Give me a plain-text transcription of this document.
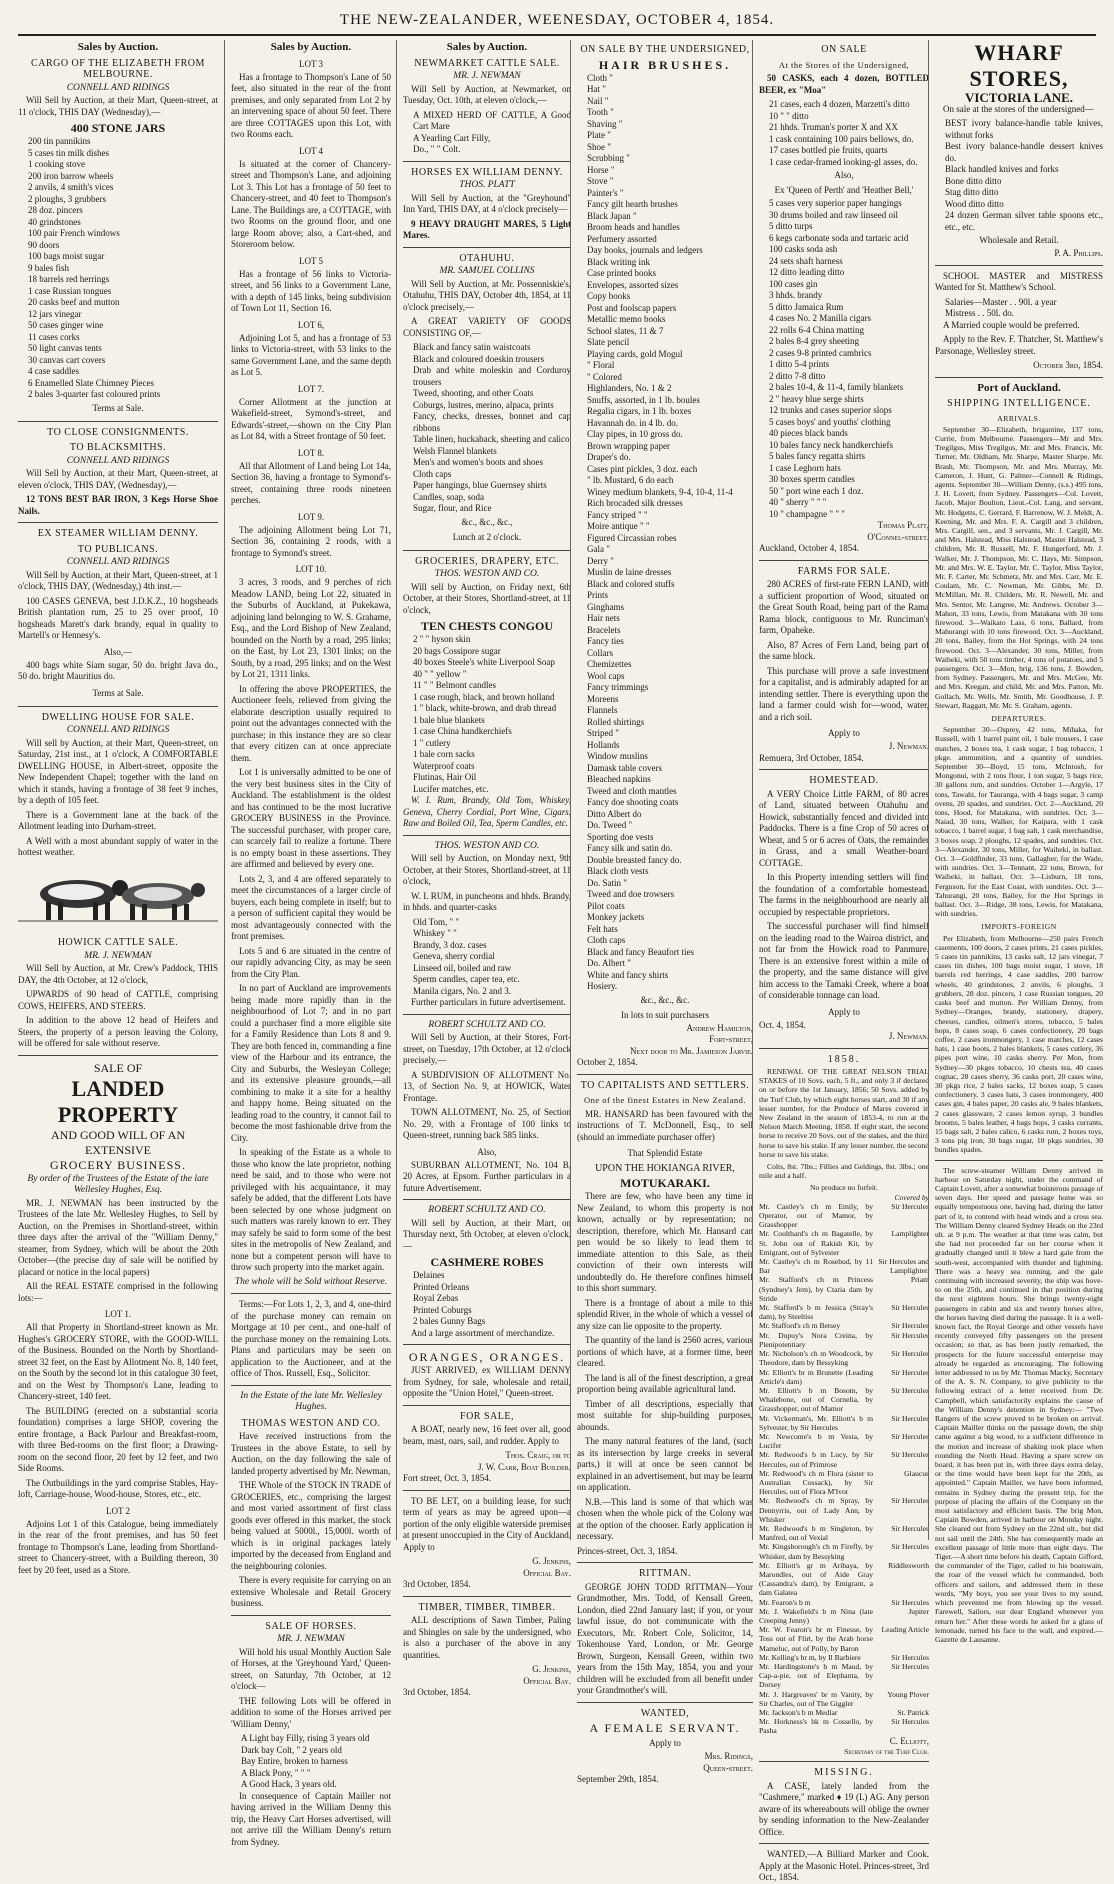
THE NEW-ZEALANDER, WEENESDAY, OCTOBER 4, 1854.
Sales by Auction.
CARGO OF THE ELIZABETH FROM MELBOURNE.
CONNELL AND RIDINGS

Will Sell by Auction, at their Mart, Queen-street, at 11 o'clock, THIS DAY (Wednesday),—

400 STONE JARS
200 tin pannikins
5 cases tin milk dishes
1 cooking stove
200 iron barrow wheels
2 anvils, 4 smith's vices
2 ploughs, 3 grubbers
28 doz. pincers
40 grindstones
100 pair French windows
90 doors
100 bags moist sugar
9 bales fish
18 barrels red herrings
1 case Russian tongues
20 casks beef and mutton
12 jars vinegar
50 cases ginger wine
11 cases corks
50 light canvas tents
30 canvas cart covers
4 case saddles
6 Enamelled Slate Chimney Pieces
2 bales 3-quarter fast coloured prints
Terms at Sale.
TO CLOSE CONSIGNMENTS.
TO BLACKSMITHS.
CONNELL AND RIDINGS

Will Sell by Auction, at their Mart, Queen-street, at eleven o'clock, THIS DAY, (Wednesday),—

12 TONS BEST BAR IRON, 3 Kegs Horse Shoe Nails.

EX STEAMER WILLIAM DENNY.
TO PUBLICANS.
CONNELL AND RIDINGS

Will Sell by Auction, at their Mart, Queen-street, at 1 o'clock, THIS DAY, (Wednesday,) 4th inst.—

100 CASES GENEVA, best J.D.K.Z., 10 hogsheads British plantation rum, 25 to 25 over proof, 10 hogsheads Marett's dark brandy, equal in quality to Martell's or Hennesy's.

Also,—

400 bags white Siam sugar, 50 do. bright Java do., 50 do. bright Mauritius do.

Terms at Sale.
DWELLING HOUSE FOR SALE.
CONNELL AND RIDINGS

Will sell by Auction, at their Mart, Queen-street, on Saturday, 21st inst., at 1 o'clock, A COMFORTABLE DWELLING HOUSE, in Albert-street, opposite the New Independent Chapel; together with the land on which it stands, having a frontage of 38 feet 9 inches, by a depth of 105 feet.

There is a Government lane at the back of the Allotment leading into Durham-street.

A Well with a most abundant supply of water in the hottest weather.

HOWICK CATTLE SALE.
MR. J. NEWMAN

Will Sell by Auction, at Mr. Crew's Paddock, THIS DAY, the 4th October, at 12 o'clock,

UPWARDS of 90 head of CATTLE, comprising COWS, HEIFERS, AND STEERS.

In addition to the above 12 head of Heifers and Steers, the property of a person leaving the Colony, will be offered for sale without reserve.

SALE OF
LANDED PROPERTY
AND GOOD WILL OF AN EXTENSIVE
GROCERY BUSINESS.
By order of the Trustees of the Estate of the late Wellesley Hughes, Esq.

MR. J. NEWMAN has been instructed by the Trustees of the late Mr. Wellesley Hughes, to Sell by Auction, on the Premises in Shortland-street, within three days after the arrival of the "William Denny," steamer, from Sydney, which will be about the 20th October—(the precise day of sale will be notified by placard or notice in the local papers)

All the REAL ESTATE comprised in the following lots:—

LOT 1.

All that Property in Shortland-street known as Mr. Hughes's GROCERY STORE, with the GOOD-WILL of the Business. Bounded on the North by Shortland-street 32 feet, on the East by Allotment No. 8, 140 feet, on the South by the second lot in this catalogue 30 feet, and on the West by Thompson's Lane, leading to Chancery-street, 140 feet.

The BUILDING (erected on a substantial scoria foundation) comprises a large SHOP, covering the entire frontage, a Back Parlour and Breakfast-room, with three Bed-rooms on the first floor; a Drawing-room on the second floor, 20 feet by 12 feet, and two Side Rooms.

The Outbuildings in the yard comprise Stables, Hay-loft, Carriage-house, Wood-house, Stores, etc., etc.

LOT 2

Adjoins Lot 1 of this Catalogue, being immediately in the rear of the front premises, and has 50 feet frontage to Thompson's Lane, leading from Shortland-street to Chancery-street, with a Building thereon, 30 feet by 20 feet, used as a Store.

Sales by Auction.
LOT 3

Has a frontage to Thompson's Lane of 50 feet, also situated in the rear of the front premises, and only separated from Lot 2 by an intervening space of about 50 feet. There are three COTTAGES upon this Lot, with two Rooms each.

LOT 4

Is situated at the corner of Chancery-street and Thompson's Lane, and adjoining Lot 3. This Lot has a frontage of 50 feet to Chancery-street, and 40 feet to Thompson's Lane. The Buildings are, a COTTAGE, with two Rooms on the ground floor, and one large Room above; also, a Cart-shed, and Storeroom below.

LOT 5

Has a frontage of 56 links to Victoria-street, and 56 links to a Government Lane, with a depth of 145 links, being subdivision of Town Lot 11, Section 16.

LOT 6,

Adjoining Lot 5, and has a frontage of 53 links to Victoria-street, with 53 links to the same Government Lane, and the same depth as Lot 5.

LOT 7.

Corner Allotment at the junction at Wakefield-street, Symond's-street, and Edwards'-street,—shown on the City Plan as Lot 84, with a Street frontage of 50 feet.

LOT 8.

All that Allotment of Land being Lot 14a, Section 36, having a frontage to Symond's-street, containing three roods nineteen perches.

LOT 9.

The adjoining Allotment being Lot 71, Section 36, containing 2 roods, with a frontage to Symond's street.

LOT 10.

3 acres, 3 roods, and 9 perches of rich Meadow LAND, being Lot 22, situated in the Suburbs of Auckland, at Pukekawa, adjoining land belonging to W. S. Grahame, Esq., and the Lord Bishop of New Zealand, bounded on the North by a road, 295 links; on the East, by Lot 23, 1301 links; on the South, by a road, 295 links; and on the West by Lot 21, 1311 links.

In offering the above PROPERTIES, the Auctioneer feels, relieved from giving the elaborate description usually required to point out the advantages connected with the purchase; in this instance they are so clear that every citizen can at once appreciate them.

Lot 1 is universally admitted to be one of the very best business sites in the City of Auckland. The establishment is the oldest and has continued to be the most lucrative GROCERY BUSINESS in the Province. The successful purchaser, with proper care, can scarcely fail to realize a fortune. There is no empty boast in these assertions. They are affirmed and believed by every one.

Lots 2, 3, and 4 are offered separately to meet the circumstances of a larger circle of buyers, each being complete in itself; but to a person of sufficient capital they would be most advantageously connected with the front premises.

Lots 5 and 6 are situated in the centre of our rapidly advancing City, as may be seen from the City Plan.

In no part of Auckland are improvements being made more rapidly than in the neighbourhood of Lot 7; and in no part could a purchaser find a more eligible site for a Family Residence than Lots 8 and 9. They are both fenced in, commanding a fine view of the Harbour and its entrance, the City and Suburbs, the Wesleyan College; and its extensive pleasure grounds,—all combining to make it a site for a healthy and happy home. Being situated on the leading road to the country, it cannot fail to become the most fashionable drive from the City.

In speaking of the Estate as a whole to those who know the late proprietor, nothing need be said, and to those who were not privileged with his acquaintance, it may safely be added, that the different Lots have been selected by one whose judgment on such matters was rarely known to err. They may safely be said to form some of the best sites in the metropolis of New Zealand, and none but a competent person will have to throw such property into the market again.

The whole will be Sold without Reserve.

Terms:—For Lots 1, 2, 3, and 4, one-third of the purchase money can remain on Mortgage at 10 per cent., and one-half of the purchase money on the remaining Lots. Plans and particulars may be seen on application to the Auctioneer, and at the office of Thos. Russell, Esq., Solicitor.

In the Estate of the late Mr. Wellesley Hughes.
THOMAS WESTON AND CO.

Have received instructions from the Trustees in the above Estate, to sell by Auction, on the day following the sale of landed property advertised by Mr. Newman,

THE Whole of the STOCK IN TRADE of GROCERIES, etc., comprising the largest and most varied assortment of first class goods ever offered in this market, the stock being valued at 5000l., 15,000l. worth of which is in original packages lately imported by the deceased from England and the neighbouring colonies.

There is every requisite for carrying on an extensive Wholesale and Retail Grocery business.

SALE OF HORSES.
MR. J. NEWMAN

Will hold his usual Monthly Auction Sale of Horses, at the 'Greyhound Yard,' Queen-street, on Saturday, 7th October, at 12 o'clock—

THE following Lots will be offered in addition to some of the Horses arrived per 'William Denny,'

A Light bay Filly, rising 3 years old
Dark bay Colt, " 2 years old
Bay Entire, broken to harness
A Black Pony, " " "
A Good Hack, 3 years old.

In consequence of Captain Mailler not having arrived in the William Denny this trip, the Heavy Cart Horses advertised, will not arrive till the William Denny's return from Sydney.

Sales by Auction.
NEWMARKET CATTLE SALE.
MR. J. NEWMAN

Will Sell by Auction, at Newmarket, on Tuesday, Oct. 10th, at eleven o'clock,—

A MIXED HERD OF CATTLE, A Good Cart Mare
A Yearling Cart Filly,
Do., " " Colt.
HORSES EX WILLIAM DENNY.
THOS. PLATT

Will Sell by Auction, at the "Greyhound" Inn Yard, THIS DAY, at 4 o'clock precisely—

9 HEAVY DRAUGHT MARES, 5 Light Mares.

OTAHUHU.
MR. SAMUEL COLLINS

Will Sell by Auction, at Mr. Possenniskie's, Otahuhu, THIS DAY, October 4th, 1854, at 11 o'clock precisely,—

A GREAT VARIETY OF GOODS CONSISTING OF,—

Black and fancy satin waistcoats
Black and coloured doeskin trousers
Drab and white moleskin and Corduroy trousers
Tweed, shooting, and other Coats
Coburgs, lustres, merino, alpaca, prints
Fancy, checks, dresses, bonnet and cap ribbons
Table linen, huckaback, sheeting and calico
Welsh Flannel blankets
Men's and women's boots and shoes
Cloth caps
Paper hangings, blue Guernsey shirts
Candles, soap, soda
Sugar, flour, and Rice
&c., &c., &c.,
Lunch at 2 o'clock.
GROCERIES, DRAPERY, ETC.
THOS. WESTON AND CO.

Will sell by Auction, on Friday next, 6th October, at their Stores, Shortland-street, at 11 o'clock,

TEN CHESTS CONGOU
2 " " hyson skin
20 bags Cossipore sugar
40 boxes Steele's white Liverpool Soap
40 " " yellow "
11 " " Belmont candles
1 case rough, black, and brown holland
1 " black, white-brown, and drab thread
1 bale blue blankets
1 case China handkerchiefs
1 " cutlery
1 bale corn sacks
Waterproof coats
Flutinas, Hair Oil
Lucifer matches, etc.

W. I. Rum, Brandy, Old Tom, Whiskey, Geneva, Cherry Cordial, Port Wine, Cigars, Raw and Boiled Oil, Tea, Sperm Candles, etc.

THOS. WESTON AND CO.

Will sell by Auction, on Monday next, 9th October, at their Stores, Shortland-street, at 11 o'clock,

W. I. RUM, in puncheons and hhds. Brandy, in hhds. and quarter-casks

Old Tom, " "
Whiskey " "
Brandy, 3 doz. cases
Geneva, sherry cordial
Linseed oil, boiled and raw
Sperm candles, caper tea, etc.
Manila cigars, No. 2 and 3.

Further particulars in future advertisement.

ROBERT SCHULTZ AND CO.

Will Sell by Auction, at their Stores, Fort-street, on Tuesday, 17th October, at 12 o'clock precisely,—

A SUBDIVISION OF ALLOTMENT No. 13, of Section No. 9, at HOWICK, Water Frontage.

TOWN ALLOTMENT, No. 25, of Section No. 29, with a Frontage of 100 links to Queen-street, running back 585 links.

Also,

SUBURBAN ALLOTMENT, No. 104 B, 20 Acres, at Epsom. Further particulars in a future Advertisement.

ROBERT SCHULTZ AND CO.

Will sell by Auction, at their Mart, on Thursday next, 5th October, at eleven o'clock,—

CASHMERE ROBES
Delaines
Printed Orleans
Royal Zebas
Printed Coburgs
2 bales Gunny Bags

And a large assortment of merchandize.

ORANGES, ORANGES.

JUST ARRIVED, ex WILLIAM DENNY from Sydney, for sale, wholesale and retail, opposite the "Union Hotel," Queen-street.

FOR SALE,

A BOAT, nearly new, 16 feet over all, good beam, mast, oars, sail, and rudder. Apply to

Thos. Craig, or to
J. W. Carr, Boat Builder.
Fort street, Oct. 3, 1854.

TO BE LET, on a building lease, for such term of years as may be agreed upon—a portion of the only eligible waterside premises at present unoccupied in the City of Auckland. Apply to

G. Jenkins,
Official Bay.
3rd October, 1854.
TIMBER, TIMBER, TIMBER.

ALL descriptions of Sawn Timber, Paling and Shingles on sale by the undersigned, who is also a purchaser of the above in any quantities.

G. Jenkins,
Official Bay.
3rd October, 1854.
ON SALE BY THE UNDERSIGNED,
HAIR BRUSHES.
Cloth "
Hat "
Nail "
Tooth "
Shaving "
Plate "
Shoe "
Scrubbing "
Horse "
Stove "
Painter's "
Fancy gilt hearth brushes
Black Japan "
Broom heads and handles
Perfumery assorted
Day books, journals and ledgers
Black writing ink
Case printed books
Envelopes, assorted sizes
Copy books
Post and foolscap papers
Metallic memo books
School slates, 11 & 7
Slate pencil
Playing cards, gold Mogul
" Floral
" Colored
Highlanders, No. 1 & 2
Snuffs, assorted, in 1 lb. boules
Regalia cigars, in 1 lb. boxes
Havannah do. in 4 lb. do.
Clay pipes, in 10 gross do.
Brown wrapping paper
Draper's do.
Cases pint pickles, 3 doz. each
" lb. Mustard, 6 do each
Winey medium blankets, 9-4, 10-4, 11-4
Rich brocaded silk dresses
Fancy striped " "
Moire antique " "
Figured Circassian robes
Gala "
Derry "
Muslin de laine dresses
Black and colored stuffs
Prints
Ginghams
Hair nets
Bracelets
Fancy ties
Collars
Chemizettes
Wool caps
Fancy trimmings
Moreens
Flannels
Rolled shirtings
Striped "
Hollands
Window muslins
Damask table covers
Bleached napkins
Tweed and cloth mantles
Fancy doe shooting coats
Ditto Albert do
Do. Tweed "
Sporting doe vests
Fancy silk and satin do.
Double breasted fancy do.
Black cloth vests
Do. Satin "
Tweed and doe trowsers
Pilot coats
Monkey jackets
Felt hats
Cloth caps
Black and fancy Beaufort ties
Do. Albert "
White and fancy shirts
Hosiery.
&c., &c., &c.
In lots to suit purchasers
Andrew Hamilton,
Fort-street,
Next door to Mr. Jamieson Jarvie.
October 2, 1854.
TO CAPITALISTS AND SETTLERS.
One of the finest Estates in New Zealand.

MR. HANSARD has been favoured with the instructions of T. McDonnell, Esq., to sell (should an immediate purchaser offer)

That Splendid Estate
UPON THE HOKIANGA RIVER,
MOTUKARAKI.

There are few, who have been any time in New Zealand, to whom this property is not known, actually or by representation; no description, therefore, which Mr. Hansard can pen would be so likely to lead them to immediate attention to this Sale, as their conviction of their own interests will undoubtedly do. He therefore confines himself to this short summary.

There is a frontage of about a mile to this splendid River, in the whole of which a vessel of any size can lie opposite to the property.

The quantity of the land is 2560 acres, various portions of which have, at a former time, been cleared.

The land is all of the finest description, a great proportion being available agricultural land.

Timber of all descriptions, especially that most suitable for ship-building purposes, abounds.

The many natural features of the land, (such as its intersection by large creeks in several parts,) it will at once be seen cannot be explained in an advertisement, but may be learnt on application.

N.B.—This land is some of that which was chosen when the whole pick of the Colony was at the option of the chooser. Early application is necessary.

Princes-street, Oct. 3, 1854.
RITTMAN.

GEORGE JOHN TODD RITTMAN—Your Grandmother, Mrs. Todd, of Kensall Green, London, died 22nd January last; if you, or your lawful issue, do not communicate with the Executors, Mr. Robert Cole, Solicitor, 14, Tokenhouse Yard, London, or Mr. George Brown, Surgeon, Kensall Green, within two years from the 15th May, 1854, you and your children will be excluded from all benefit under your Grandmother's will.

WANTED,
A FEMALE SERVANT.
Apply to
Mrs. Ridings,
Queen-street.
September 29th, 1854.
ON SALE
At the Stores of the Undersigned,

50 CASKS, each 4 dozen, BOTTLED BEER, ex "Moa"

21 cases, each 4 dozen, Marzetti's ditto
10 " " ditto
21 hhds. Truman's porter X and XX
1 cask containing 100 pairs bellows, do.
17 cases bottled pie fruits, quarts
1 case cedar-framed looking-gl asses, do.
Also,
Ex 'Queen of Perth' and 'Heather Bell,'
5 cases very superior paper hangings
30 drums boiled and raw linseed oil
5 ditto turps
6 kegs carbonate soda and tartaric acid
100 casks soda ash
24 sets shaft harness
12 ditto leading ditto
100 cases gin
3 hhds. brandy
5 ditto Jamaica Rum
4 cases No. 2 Manilla cigars
22 rolls 6-4 China matting
2 bales 8-4 grey sheeting
2 cases 9-8 printed cambrics
1 ditto 5-4 prints
2 ditto 7-8 ditto
2 bales 10-4, & 11-4, family blankets
2 " heavy blue serge shirts
12 trunks and cases superior slops
5 cases boys' and youths' clothing
40 pieces black bands
10 bales fancy neck handkerchiefs
5 bales fancy regatta shirts
1 case Leghorn hats
30 boxes sperm candles
50 " port wine each 1 doz.
40 " sherry " " "
10 " champagne " " "
Thomas Platt,
O'Connel-street.
Auckland, October 4, 1854.
FARMS FOR SALE.

280 ACRES of first-rate FERN LAND, with a sufficient proportion of Wood, situated on the Great South Road, being part of the Rama Rama block, contiguous to Mr. Runciman's farm, Opaheke.

Also, 87 Acres of Fern Land, being part of the same block.

This purchase will prove a safe investment for a capitalist, and is admirably adapted for an intending settler. There is everything upon the land a farmer could wish for—wood, water, and a rich soil.

Apply to
J. Newman.
Remuera, 3rd October, 1854.
HOMESTEAD.

A VERY Choice Little FARM, of 80 acres of Land, situated between Otahuhu and Howick, substantially fenced and divided into Paddocks. There is a fine Crop of 50 acres of Wheat, and 5 or 6 acres of Oats, the remainder in Grass, and a small Weather-board COTTAGE.

In this Property intending settlers will find the foundation of a comfortable homestead. The farms in the neighbourhood are nearly all occupied by respectable proprietors.

The successful purchaser will find himself on the leading road to the Wairoa district, and not far from the Howick road to Panmure. There is an extensive forest within a mile of the property, and the same distance will give him access to the Tamaki Creek, where a boat of considerable tonnage can load.

Apply to
Oct. 4, 1854.
J. Newman.
1858.

RENEWAL OF THE GREAT NELSON TRIAL STAKES of 10 Sovs. each, 5 ft., and only 3 if declared on or before the 1st January, 1856; 50 Sovs. added by the Turf Club, by which eight horses start, and 30 if any lesser number, for the Produce of Mares covered in New Zealand in the season of 1853-4, to run at the Nelson March Meeting, 1858. If eight start, the second horse to receive 20 Sovs. out of the stakes, and the third horse to save his stake. If any lesser number, the second horse to save his stake.

Colts, 8st. 7lbs.; Fillies and Geldings, 8st. 3lbs.; one mile and a half.

No produce no forfeit.
Covered by
Mr. Castley's ch m Emily, by Operator, out of Mamor, by Grasshopper
Sir Hercules
Mr. Coulthard's ch m Bagatelle, by St. John out of Rakish Kit, by Emigrant, out of Sylvester
Lamplighter
Mr. Castley's ch m Rosebud, by 11 Bar
Sir Hercules and Lamplighter.
Mr. Stafford's ch m Princess (Syndney's Jem), by Ctaria dam by Stride
Priam
Mr. Stafford's b m Jessica (Stray's dam), by Steeltiss
Sir Hercules
Mr. Stafford's ch m Betsey	Sir Hercules
Mr. Dupuy's Nora Creina, by Plenipotentiary
Sir Hercules
Mr. Nicholson's ch m Woodcock, by Theodore, dam by Bessyking
Sir Hercules
Mr. Elliott's br m Brunette (Leading Article's dam)
Sir Hercules
Mr. Elliott's b m Bosom, by Whalebone, out of Cornelia, by Grasshopper, out of Mamor
Sir Hercules
Mr. Vickerman's, Mr. Elliott's b m Sylvester, by Sir Hercules
Sir Hercules
Mr. Newcome's b m Vesta, by Lucifer
Sir Hercules
Mr. Redwood's b m Lucy, by Sir Hercules, out of Primrose
Sir Hercules
Mr. Redwood's ch m Flora (sister to Australian Cossack), by Sir Hercules, out of Flora M'Ivor
Glaucus
Mr. Redwood's ch m Spray, by Dennyrris, out of Lady Ann, by Whisker
Sir Hercules
Mr. Redwood's b m Singleton, by Manfred, out of Vexial
Sir Hercules
Mr. Kingsborough's ch m Firefly, by Whisker, dam by Bessyking
Sir Hercules
Mr. Elliott's gr m Aribaya, by Marondles, out of Aide Gray (Cassandra's dam), by Emigrant, a dam Galatea
Riddlesworth
Mr. Fearon's b m	Sir Hercules
Mr. J. Wakefield's b m Nina (late Creeping Jenny)
Jupiter
Mr. W. Fearon's br m Finesse, by Toss out of Flirt, by the Arab horse Mameluc, out of Polly, by Baron
Leading Article
Mr. Kelling's br m, by Il Barbiere	Sir Hercules
Mr. Hardingstone's b m Maud, by Cap-a-pie, out of Elephanta, by Dorsey
Sir Hercules
Mr. J. Hargreaves' br m Vanity, by Sir Charles, out of The Giggler
Young Plover
Mr. Jackson's b m Medlar	St. Patrick
Mr. Horkness's bk m Cossello, by Pasha
Sir Hercules
C. Elliott,
Secretary of the Turf Club.
MISSING.

A CASE, lately landed from the "Cashmere," marked ♦ 19 (L) AG. Any person aware of its whereabouts will oblige the owner by sending information to the New-Zealander Office.

WANTED,—A Billiard Marker and Cook. Apply at the Masonic Hotel. Princes-street, 3rd Oct., 1854.

WHARF STORES,
VICTORIA LANE.

On sale at the stores of the undersigned—

BEST ivory balance-handle table knives, without forks
Best ivory balance-handle dessert knives do.
Black handled knives and forks
Bone ditto ditto
Stag ditto ditto
Wood ditto ditto
24 dozen German silver table spoons etc., etc., etc.
Wholesale and Retail.
P. A. Phillips.

SCHOOL MASTER and MISTRESS Wanted for St. Matthew's School.

Salaries—Master . . 90l. a year
Mistress . . 50l. do.

A Married couple would be preferred.

Apply to the Rev. F. Thatcher, St. Matthew's Parsonage, Wellesley street.

October 3rd, 1854.
Port of Auckland.
SHIPPING INTELLIGENCE.
ARRIVALS.

September 30—Elizabeth, brigantine, 137 tons, Currie, from Melbourne. Passengers—Mr and Mrs. Tregilgus, Miss Tregilgus, Mr. and Mrs. Francis, Mr. Turner, Mr. Oldham, Mr. Sharpe, Master Sharpe, Mr. Brash, Mr. Thompson, Mr. and Mrs. Murray, Mr. Cameron, J. Hunt, G. Palmer—Connell & Ridings, agents. September 30—William Denny, (s.s.) 495 tons, J. H. Lovett, from Sydney. Passengers—Col. Lovett, Jacob, Major Boulton, Lieut.-Col. Lang, and servant, Mr. Hodgetts, C. Gerrard, F. Barrenow, W. J. Meldt, A. Keening, Mr. and Mrs. F. A. Cargill and 3 children, Mrs. Cargill, sen., and 3 servants, Mr. J. Cargill, Mr. and Mrs. Halstead, Miss Halstead, Master Halstead, 3 children, Mr. R. Russell, Mr. F. Hungerford, Mr. J. Walker, Mr. J. Thompson, Mr. C. Hays, Mr. Simpson, Mr. and Mrs. W. E. Taylor, Mr. C. Taylor, Miss Taylor, Mr. F. Carter, Mr. Schmetz, Mr. and Mrs. Carr, Mr. E. Coulam, Mr. C. Newman, Mr. Gibbs, Mr. D. McMillan, Mr. R. Childers, Mr. R. Newell, Mr. and Mrs. Sentor, Mr. Langree, Mr. Andrews. October 3—Mahon, 33 tons, Lewis, from Matakana with 30 tons firewood. 3—Waikato Lass, 6 tons, Ballard, from Mahurangi with 10 tons firewood. Oct. 3—Auckland, 20 tons, Bailey, from the Hot Springs, with 24 tons firewood. Oct. 3—Alexander, 30 tons, Miller, from Waiheki, with 50 tons timber, 4 tons of potatoes, and 5 passengers. Oct. 3—Mon, brig, 136 tons, J. Bowden, from Sydney. Passengers, Mr. and Mrs. McGee, Mr. and Mrs. Keegan, and child, Mr. and Mrs. Patton, Mr. Gollach, Mr. Wells, Mr. Smith, Mr. Goodhouse, J. P. Stewart, Raggatt, Mr. Mr. S. Graham, agents.

DEPARTURES.

September 30—Osprey, 42 tons, Mihaka, for Russell, with 1 barrel paint oil, 1 bale trousers, 1 case matches, 2 boxes tea, 1 cask sugar, 1 bag tobacco, 1 pkge. ammunition, and a quantity of sundries. September 30—Boyd, 15 tons, McIntosh, for Mongonui, with 2 tons flour, 1 ton sugar, 5 bags rice, 30 gallons rum, and sundries. October 1—Argyle, 17 tons, Tawahi, for Tauranga, with 4 bags sugar, 3 camp ovens, 20 spades, and sundries. Oct. 2—Auckland, 20 tons, Hood, for Matakana, with sundries. Oct. 3—Naiad, 30 tons, Walker, for Kaipara, with 1 cask tobacco, 1 barrel sugar, 1 bag salt, 1 cask merchandise, 3 boxes soap, 2 ploughs, 12 spades, and sundries. Oct. 3—Alexander, 30 tons, Miller, for Waiheki, in ballast. Oct. 3—Goldfinder, 33 tons, Gallagher, for the Wade, with sundries. Oct. 3—Tennant, 22 tons, Brown, for Waiheki, in ballast. Oct. 3—Lisburn, 18 tons, Ferguson, for the East Coast, with sundries. Oct. 3—Tahurangi, 20 tons, Bailey, for the Hot Springs in ballast. Oct. 3—Ridge, 38 tons, Lewis, for Matakana, with sundries.

IMPORTS-FOREIGN

Per Elizabeth, from Melbourne—250 pairs French casements, 100 doors, 2 cases prints, 21 cases pickles, 5 cases tin pannikins, 13 casks salt, 12 jars vinegar, 7 cases tin dishes, 100 bags moist sugar, 1 stove, 18 barrels red herrings, 4 case saddles, 200 barrow wheels, 40 grindstones, 2 anvils, 6 ploughs, 3 grubbers, 28 doz. pincers, 1 case Russian tongues, 20 casks beef and mutton. Per William Denny, from Sydney—Oranges, brandy, stationery, drapery, cheeses, candles, oilmen's stores, tobacco, 5 bales hops, 8 cases soap, 6 cases confectionery, 20 bags coffee, 2 cases ironmongery, 1 case matches, 12 cases hats, 1 case boots, 2 bales blankets, 5 cases cutlery, 36 pipes port wine, 10 casks sherry. Per Mon, from Sydney—30 pkges tobacco, 10 chests tea, 40 cases cognac, 28 cases sherry, 36 casks port, 20 cases wine, 30 pkgs rice, 2 bales sacks, 12 boxes soap, 5 cases confectionery, 3 cases hats, 3 cases ironmongery, 400 cases gin, 4 bales paper, 20 casks ale, 9 bales blankets, 2 cases glassware, 2 cases lemon syrup, 3 bundles brooms, 5 bales leather, 4 bags hops, 3 casks currants, 15 bags salt, 2 bales calico, 6 casks rum, 2 boxes toys, 3 tons pig iron, 30 bags sugar, 10 pkgs sundries, 30 bundles spades.

The screw-steamer William Denny arrived in harbour on Saturday night, under the command of Captain Lovett, after a somewhat boisterous passage of seven days. Her speed and passage home was so equally tempestuous one, having had, during the latter part of it, to contend with head winds and a cross sea. The William Denny cleared Sydney Heads on the 23rd ult. at 9 p.m. The weather at that time was calm, but she had not proceeded far on her course when it gradually changed until it blew a hard gale from the south-west, accompanied with thunder and lightning. There was a heavy sea running, and the gale continuing with increased severity, the ship was hove-to on the 25th, and continued in that position during the next eighteen hours. She brings twenty-eight passengers in cabin and six and twenty horses alive, the horses having died during the passage. It is a well-known fact, the Royal George and other vessels have recently conveyed fifty passengers on the present occasion; so that, as has been justly remarked, the prospects for the future successful enterprise may already be regarded as encouraging. The following letter addressed to us by Mr. Thomas Macky, Secretary of the A. S. N. Company, to give publicity to the following extract of a letter received from Dr. Campbell, which satisfactorily explains the cause of the William Denny's detention in Sydney:— "Two Rangers of the screw proved to be broken on arrival. Captain Mailler thinks on the passage down, the ship came against a big wood, to a sufficient difference in the motion and increase of shaking took place when rounding the North Head. Having a spare screw on board, it has been put in, with three days extra delay, or the time would have been kept for the 20th, as appointed." Captain Mailler, we have been informed, remains in Sydney during the present trip, for the purpose of placing the affairs of the Company on the most satisfactory and efficient basis. The brig Mon, Captain Bowden, arrived in harbour on Monday night. She cleared out from Sydney on the 22nd ult., but did not sail until the 24th. She has consequently made an excellent passage of little more than eight days. The Tiger.—A short time before his death, Captain Gifford, the commander of the Tiger, called to his boatswain, the roar of the vessel which he commanded, both officers and sailors, and addressed them in these words, "My boys, you see your lives to my sound, which prevented me from blowing up the vessel. Farewell, Sailors, our dear England whenever you return her." After these words he asked for a glass of lemonade, turned his face to the wall, and expired.—Gazette de Lausanne.
